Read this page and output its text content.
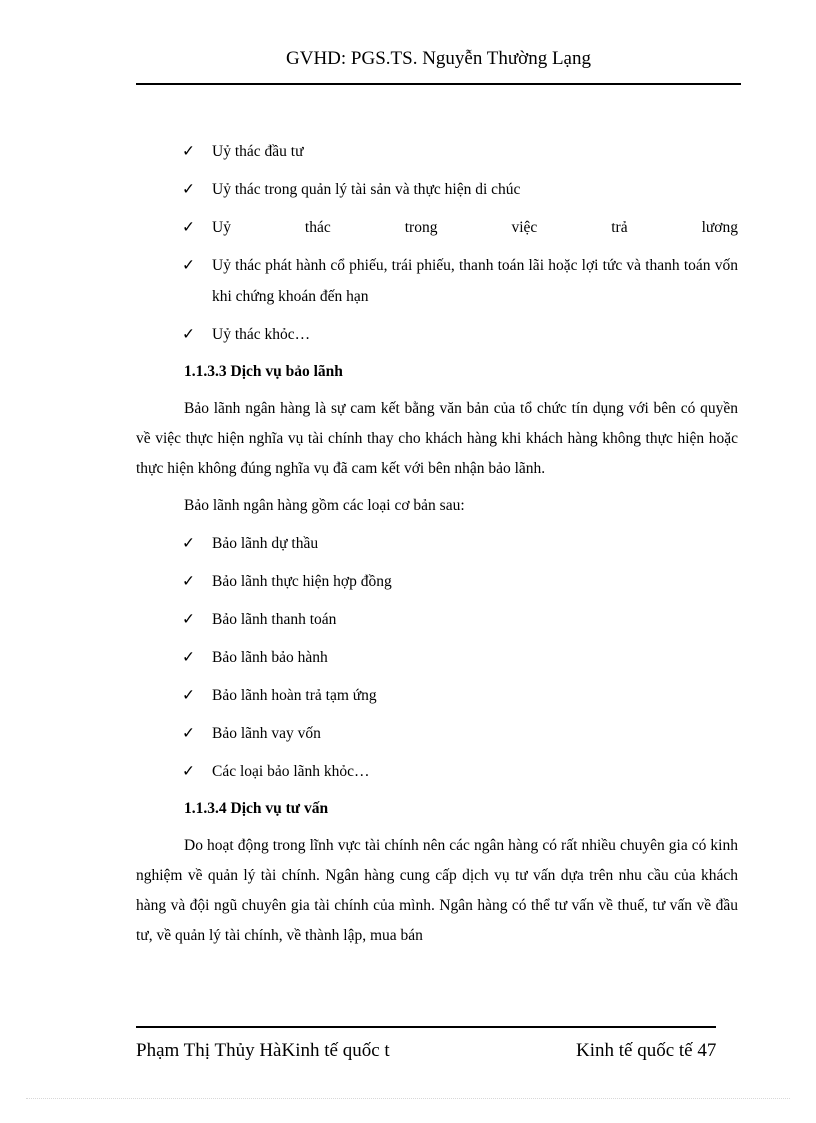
GVHD: PGS.TS. Nguyễn Thường Lạng
✓	Uỷ thác đầu tư
✓	Uỷ thác trong quản lý tài sản và thực hiện di chúc
✓	Uỷ thác trong việc trả lương
✓	Uỷ thác phát hành cổ phiếu, trái phiếu, thanh toán lãi hoặc lợi tức và thanh toán vốn khi chứng khoán đến hạn
✓	Uỷ thác khỏc…
1.1.3.3 Dịch vụ bảo lãnh
Bảo lãnh ngân hàng là sự cam kết bằng văn bản của tổ chức tín dụng với bên có quyền về việc thực hiện nghĩa vụ tài chính thay cho khách hàng khi khách hàng không thực hiện hoặc thực hiện không đúng nghĩa vụ đã cam kết với bên nhận bảo lãnh.
Bảo lãnh ngân hàng gồm các loại cơ bản sau:
✓	Bảo lãnh dự thầu
✓	Bảo lãnh thực hiện hợp đồng
✓	Bảo lãnh thanh toán
✓	Bảo lãnh bảo hành
✓	Bảo lãnh hoàn trả tạm ứng
✓	Bảo lãnh vay vốn
✓	Các loại bảo lãnh khỏc…
1.1.3.4 Dịch vụ tư vấn
Do hoạt động trong lĩnh vực tài chính nên các ngân hàng có rất nhiều chuyên gia có kinh nghiệm về quản lý tài chính. Ngân hàng cung cấp dịch vụ tư vấn dựa trên nhu cầu của khách hàng và đội ngũ chuyên gia tài chính của mình. Ngân hàng có thể tư vấn về thuế, tư vấn về đầu tư, về quản lý tài chính, về thành lập, mua bán
Phạm Thị Thủy HàKinh tế quốc t	Kinh tế quốc tế 47
